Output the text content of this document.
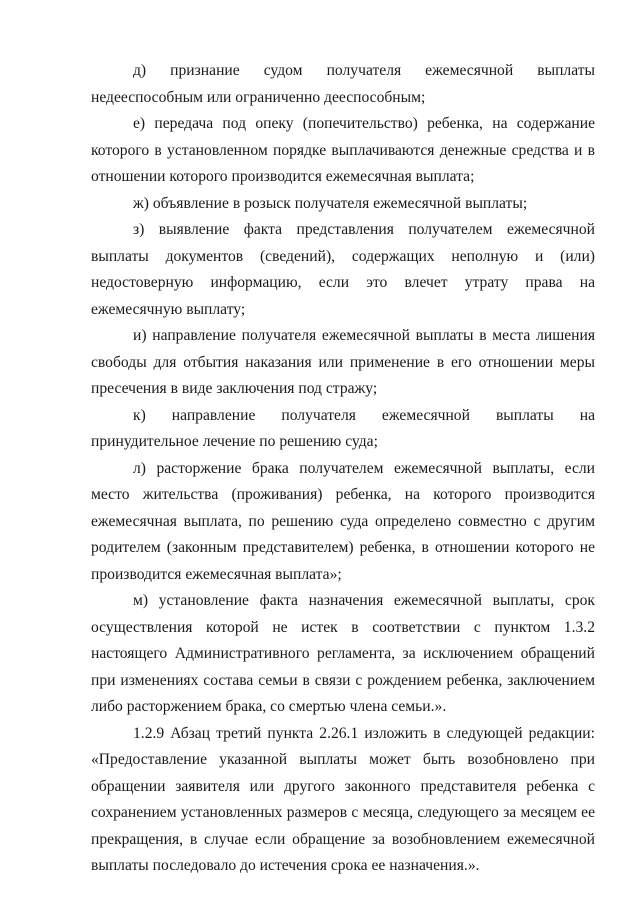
д) признание судом получателя ежемесячной выплаты недееспособным или ограниченно дееспособным;

е) передача под опеку (попечительство) ребенка, на содержание которого в установленном порядке выплачиваются денежные средства и в отношении которого производится ежемесячная выплата;

ж) объявление в розыск получателя ежемесячной выплаты;

з) выявление факта представления получателем ежемесячной выплаты документов (сведений), содержащих неполную и (или) недостоверную информацию, если это влечет утрату права на ежемесячную выплату;

и) направление получателя ежемесячной выплаты в места лишения свободы для отбытия наказания или применение в его отношении меры пресечения в виде заключения под стражу;

к) направление получателя ежемесячной выплаты на принудительное лечение по решению суда;

л) расторжение брака получателем ежемесячной выплаты, если место жительства (проживания) ребенка, на которого производится ежемесячная выплата, по решению суда определено совместно с другим родителем (законным представителем) ребенка, в отношении которого не производится ежемесячная выплата»;

м) установление факта назначения ежемесячной выплаты, срок осуществления которой не истек в соответствии с пунктом 1.3.2 настоящего Административного регламента, за исключением обращений при изменениях состава семьи в связи с рождением ребенка, заключением либо расторжением брака, со смертью члена семьи.».

1.2.9 Абзац третий пункта 2.26.1 изложить в следующей редакции: «Предоставление указанной выплаты может быть возобновлено при обращении заявителя или другого законного представителя ребенка с сохранением установленных размеров с месяца, следующего за месяцем ее прекращения, в случае если обращение за возобновлением ежемесячной выплаты последовало до истечения срока ее назначения.».
